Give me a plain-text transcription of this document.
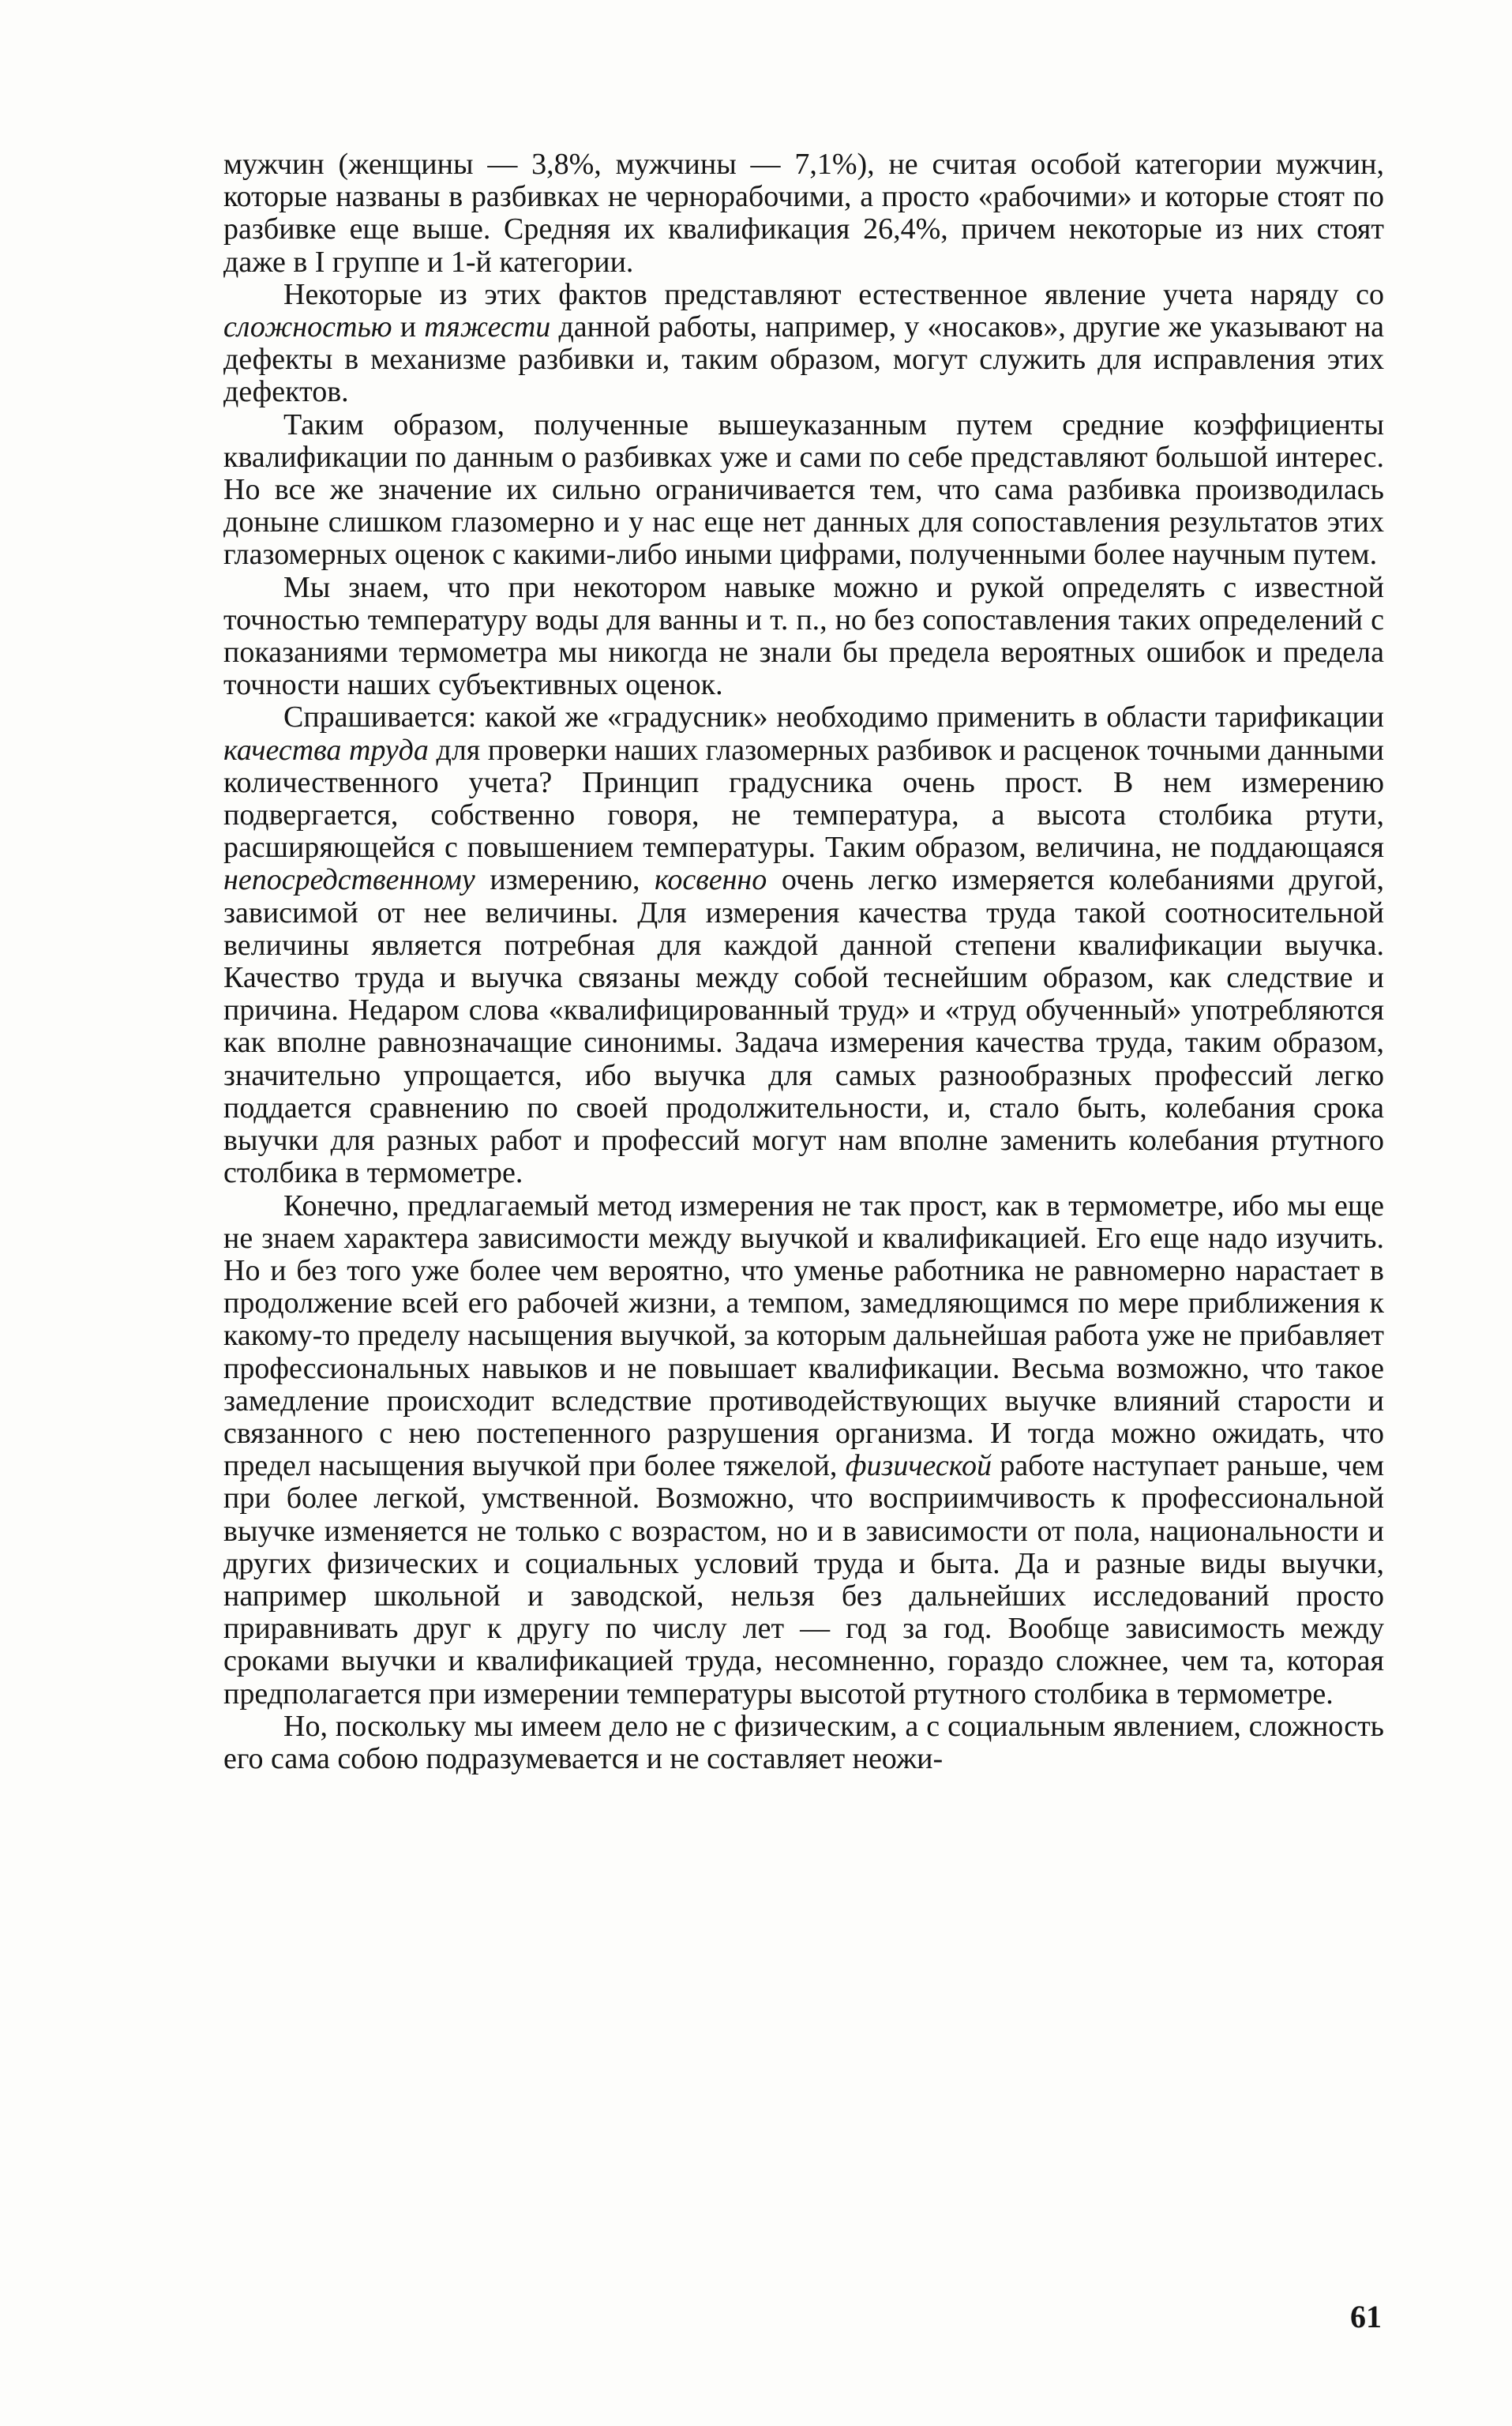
мужчин (женщины — 3,8%, мужчины — 7,1%), не считая особой категории мужчин, которые названы в разбивках не чернорабочими, а просто «рабочими» и которые стоят по разбивке еще выше. Средняя их квалификация 26,4%, причем некоторые из них стоят даже в I группе и 1-й категории.

Некоторые из этих фактов представляют естественное явление учета наряду со сложностью и тяжести данной работы, например, у «носаков», другие же указывают на дефекты в механизме разбивки и, таким образом, могут служить для исправления этих дефектов.

Таким образом, полученные вышеуказанным путем средние коэффициенты квалификации по данным о разбивках уже и сами по себе представляют большой интерес. Но все же значение их сильно ограничивается тем, что сама разбивка производилась доныне слишком глазомерно и у нас еще нет данных для сопоставления результатов этих глазомерных оценок с какими-либо иными цифрами, полученными более научным путем.

Мы знаем, что при некотором навыке можно и рукой определять с известной точностью температуру воды для ванны и т. п., но без сопоставления таких определений с показаниями термометра мы никогда не знали бы предела вероятных ошибок и предела точности наших субъективных оценок.

Спрашивается: какой же «градусник» необходимо применить в области тарификации качества труда для проверки наших глазомерных разбивок и расценок точными данными количественного учета? Принцип градусника очень прост. В нем измерению подвергается, собственно говоря, не температура, а высота столбика ртути, расширяющейся с повышением температуры. Таким образом, величина, не поддающаяся непосредственному измерению, косвенно очень легко измеряется колебаниями другой, зависимой от нее величины. Для измерения качества труда такой соотносительной величины является потребная для каждой данной степени квалификации выучка. Качество труда и выучка связаны между собой теснейшим образом, как следствие и причина. Недаром слова «квалифицированный труд» и «труд обученный» употребляются как вполне равнозначащие синонимы. Задача измерения качества труда, таким образом, значительно упрощается, ибо выучка для самых разнообразных профессий легко поддается сравнению по своей продолжительности, и, стало быть, колебания срока выучки для разных работ и профессий могут нам вполне заменить колебания ртутного столбика в термометре.

Конечно, предлагаемый метод измерения не так прост, как в термометре, ибо мы еще не знаем характера зависимости между выучкой и квалификацией. Его еще надо изучить. Но и без того уже более чем вероятно, что уменье работника не равномерно нарастает в продолжение всей его рабочей жизни, а темпом, замедляющимся по мере приближения к какому-то пределу насыщения выучкой, за которым дальнейшая работа уже не прибавляет профессиональных навыков и не повышает квалификации. Весьма возможно, что такое замедление происходит вследствие противодействующих выучке влияний старости и связанного с нею постепенного разрушения организма. И тогда можно ожидать, что предел насыщения выучкой при более тяжелой, физической работе наступает раньше, чем при более легкой, умственной. Возможно, что восприимчивость к профессиональной выучке изменяется не только с возрастом, но и в зависимости от пола, национальности и других физических и социальных условий труда и быта. Да и разные виды выучки, например школьной и заводской, нельзя без дальнейших исследований просто приравнивать друг к другу по числу лет — год за год. Вообще зависимость между сроками выучки и квалификацией труда, несомненно, гораздо сложнее, чем та, которая предполагается при измерении температуры высотой ртутного столбика в термометре.

Но, поскольку мы имеем дело не с физическим, а с социальным явлением, сложность его сама собою подразумевается и не составляет неожи-

61
